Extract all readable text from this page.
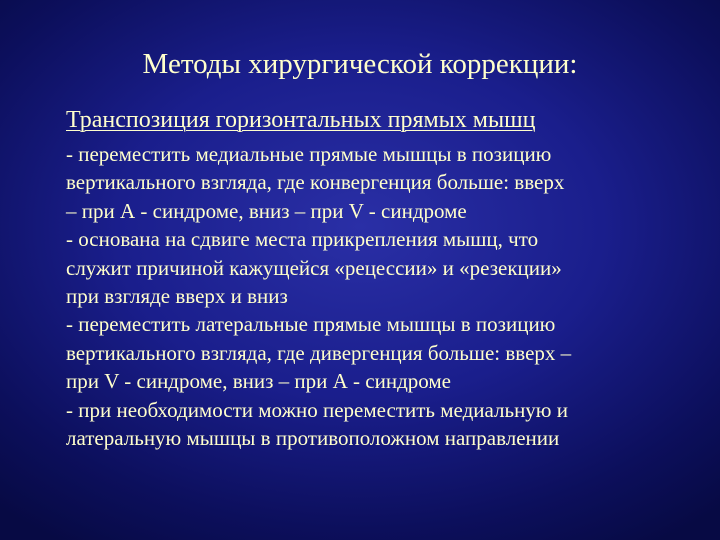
Методы хирургической коррекции:
Транспозиция горизонтальных прямых мышц
- переместить медиальные прямые мышцы в позицию
вертикального взгляда, где конвергенция больше: вверх
– при А - синдроме, вниз – при V - синдроме
- основана на сдвиге места прикрепления мышц, что
служит причиной кажущейся «рецессии» и «резекции»
при взгляде вверх и вниз
- переместить латеральные прямые мышцы в позицию
вертикального взгляда, где дивергенция больше: вверх –
при V - синдроме, вниз – при А - синдроме
- при необходимости можно переместить медиальную и
латеральную мышцы в противоположном направлении
